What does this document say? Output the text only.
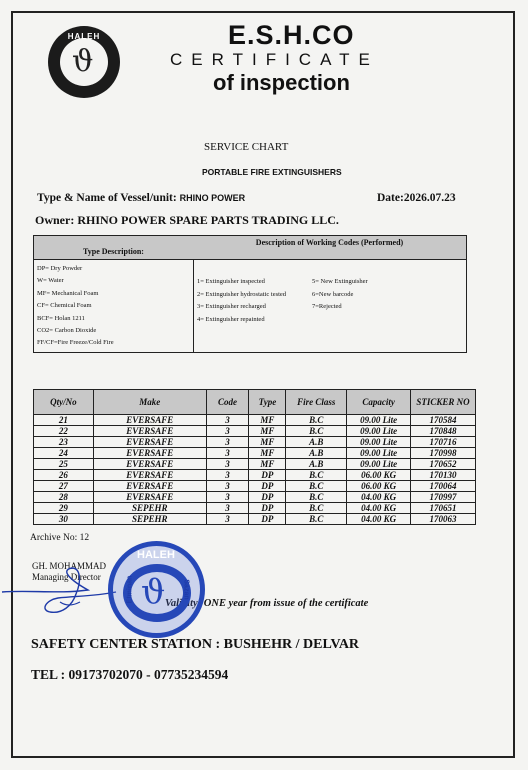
HALEH
ϑ
E.S.H.CO
CERTIFICATE
of inspection
SERVICE CHART
PORTABLE FIRE EXTINGUISHERS
Type & Name of Vessel/unit: RHINO POWER	Date:2026.07.23
Owner: RHINO POWER SPARE PARTS TRADING LLC.
Type Description:
Description of Working Codes (Performed)
DP= Dry Powder
W= Water
MF= Mechanical Foam
CF= Chemical Foam
BCF= Holan 1211
CO2= Carbon Dioxide
FF/CF=Fire Freeze/Cold Fire
1= Extinguisher inspected
2= Extinguisher hydrostatic tested
3= Extinguisher recharged
4= Extinguisher repainted
5= New Extinguisher
6=New barcode
7=Rejected
Qty/No	Make	Code	Type	Fire Class	Capacity	STICKER NO
21	EVERSAFE	3	MF	B.C	09.00 Lite	170584
22	EVERSAFE	3	MF	B.C	09.00 Lite	170848
23	EVERSAFE	3	MF	A.B	09.00 Lite	170716
24	EVERSAFE	3	MF	A.B	09.00 Lite	170998
25	EVERSAFE	3	MF	A.B	09.00 Lite	170652
26	EVERSAFE	3	DP	B.C	06.00 KG	170130
27	EVERSAFE	3	DP	B.C	06.00 KG	170064
28	EVERSAFE	3	DP	B.C	04.00 KG	170997
29	SEPEHR	3	DP	B.C	04.00 KG	170651
30	SEPEHR	3	DP	B.C	04.00 KG	170063
Archive No: 12
GH. MOHAMMAD
Managing Director
Validity: ONE year from issue of the certificate
ϑ
HALEH
Etminan	Sazan
SAFETY CENTER STATION : BUSHEHR / DELVAR
TEL : 09173702070 - 07735234594
